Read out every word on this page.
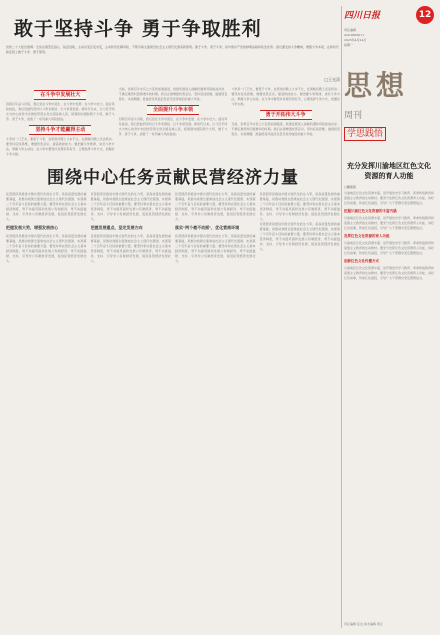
敢于坚持斗争 勇于争取胜利
党的二十大报告强调：全党必须坚定信心、锐意进取，主动识变应变求变，主动防范化解风险，不断夺取全面建设社会主义现代化国家新胜利。敢于斗争、善于斗争，是中国共产党的鲜明品格和政治优势。我们要发扬斗争精神，增强斗争本领，在新时代新征程上敢于斗争、勇于胜利。
□王光清
在斗争中发展壮大
回顾百年奋斗历程，我们党在斗争中诞生、在斗争中发展、在斗争中壮大。面对风险挑战，我们党始终坚持以斗争求团结、以斗争谋发展。新时代以来，以习近平同志为核心的党中央团结带领全党全国各族人民，统筹国内国际两个大局，敢于斗争、善于斗争，战胜了一系列重大风险挑战。
坚持斗争才能赢得主动
斗争是一门艺术，要善于斗争，在原则问题上寸步不让，在策略问题上灵活机动。要坚持底线思维，增强忧患意识，提高防控能力。要把握斗争规律，讲究斗争方法，掌握斗争主动权。在斗争中要坚持有理有利有节，合理选择斗争方式，把握好斗争火候。
当前，世界百年未有之大变局加速演进，我国发展进入战略机遇和风险挑战并存、不确定难预料因素增多的时期。我们必须增强忧患意识，坚持底线思维，做到居安思危、未雨绸缪，准备经受风高浪急甚至惊涛骇浪的重大考验。
全面提升斗争本领
回顾百年奋斗历程，我们党在斗争中诞生、在斗争中发展、在斗争中壮大。面对风险挑战，我们党始终坚持以斗争求团结、以斗争谋发展。新时代以来，以习近平同志为核心的党中央团结带领全党全国各族人民，统筹国内国际两个大局，敢于斗争、善于斗争，战胜了一系列重大风险挑战。
斗争是一门艺术，要善于斗争，在原则问题上寸步不让，在策略问题上灵活机动。要坚持底线思维，增强忧患意识，提高防控能力。要把握斗争规律，讲究斗争方法，掌握斗争主动权。在斗争中要坚持有理有利有节，合理选择斗争方式，把握好斗争火候。
勇于开拓伟大斗争
当前，世界百年未有之大变局加速演进，我国发展进入战略机遇和风险挑战并存、不确定难预料因素增多的时期。我们必须增强忧患意识，坚持底线思维，做到居安思危、未雨绸缪，准备经受风高浪急甚至惊涛骇浪的重大考验。
围绕中心任务贡献民营经济力量
民营经济是推进中国式现代化的生力军，是高质量发展的重要基础，是推动我国全面建成社会主义现代化强国、实现第二个百年奋斗目标的重要力量。要坚持和完善社会主义基本经济制度，毫不动摇巩固和发展公有制经济，毫不动摇鼓励、支持、引导非公有制经济发展，促进民营经济发展壮大。
把握发展大势，增强发展信心
民营经济是推进中国式现代化的生力军，是高质量发展的重要基础，是推动我国全面建成社会主义现代化强国、实现第二个百年奋斗目标的重要力量。要坚持和完善社会主义基本经济制度，毫不动摇巩固和发展公有制经济，毫不动摇鼓励、支持、引导非公有制经济发展，促进民营经济发展壮大。
民营经济是推进中国式现代化的生力军，是高质量发展的重要基础，是推动我国全面建成社会主义现代化强国、实现第二个百年奋斗目标的重要力量。要坚持和完善社会主义基本经济制度，毫不动摇巩固和发展公有制经济，毫不动摇鼓励、支持、引导非公有制经济发展，促进民营经济发展壮大。
把握发展重点，坚定发展方向
民营经济是推进中国式现代化的生力军，是高质量发展的重要基础，是推动我国全面建成社会主义现代化强国、实现第二个百年奋斗目标的重要力量。要坚持和完善社会主义基本经济制度，毫不动摇巩固和发展公有制经济，毫不动摇鼓励、支持、引导非公有制经济发展，促进民营经济发展壮大。
民营经济是推进中国式现代化的生力军，是高质量发展的重要基础，是推动我国全面建成社会主义现代化强国、实现第二个百年奋斗目标的重要力量。要坚持和完善社会主义基本经济制度，毫不动摇巩固和发展公有制经济，毫不动摇鼓励、支持、引导非公有制经济发展，促进民营经济发展壮大。
落实"两个毫不动摇"，优化营商环境
民营经济是推进中国式现代化的生力军，是高质量发展的重要基础，是推动我国全面建成社会主义现代化强国、实现第二个百年奋斗目标的重要力量。要坚持和完善社会主义基本经济制度，毫不动摇巩固和发展公有制经济，毫不动摇鼓励、支持、引导非公有制经济发展，促进民营经济发展壮大。
民营经济是推进中国式现代化的生力军，是高质量发展的重要基础，是推动我国全面建成社会主义现代化强国、实现第二个百年奋斗目标的重要力量。要坚持和完善社会主义基本经济制度，毫不动摇巩固和发展公有制经济，毫不动摇鼓励、支持、引导非公有制经济发展，促进民营经济发展壮大。
民营经济是推进中国式现代化的生力军，是高质量发展的重要基础，是推动我国全面建成社会主义现代化强国、实现第二个百年奋斗目标的重要力量。要坚持和完善社会主义基本经济制度，毫不动摇巩固和发展公有制经济，毫不动摇鼓励、支持、引导非公有制经济发展，促进民营经济发展壮大。
四川日报	12
责任编辑
029-8606011
2023年4月24日
星期一
思想
周刊
学思践悟
充分发挥川渝地区红色文化资源的育人功能
□魏燕燕
川渝地区红色文化资源丰富，是开展党史学习教育、革命传统教育和爱国主义教育的生动教材。要充分发挥红色文化资源育人功能，讲好红色故事，传承红色基因，引导广大干部群众坚定理想信念。
挖掘川渝红色文化资源的丰富内涵
川渝地区红色文化资源丰富，是开展党史学习教育、革命传统教育和爱国主义教育的生动教材。要充分发挥红色文化资源育人功能，讲好红色故事，传承红色基因，引导广大干部群众坚定理想信念。
发挥红色文化资源的育人功能
川渝地区红色文化资源丰富，是开展党史学习教育、革命传统教育和爱国主义教育的生动教材。要充分发挥红色文化资源育人功能，讲好红色故事，传承红色基因，引导广大干部群众坚定理想信念。
创新红色文化传播方式
川渝地区红色文化资源丰富，是开展党史学习教育、革命传统教育和爱国主义教育的生动教材。要充分发挥红色文化资源育人功能，讲好红色故事，传承红色基因，引导广大干部群众坚定理想信念。
责任编辑 张洁 美术编辑 周正
